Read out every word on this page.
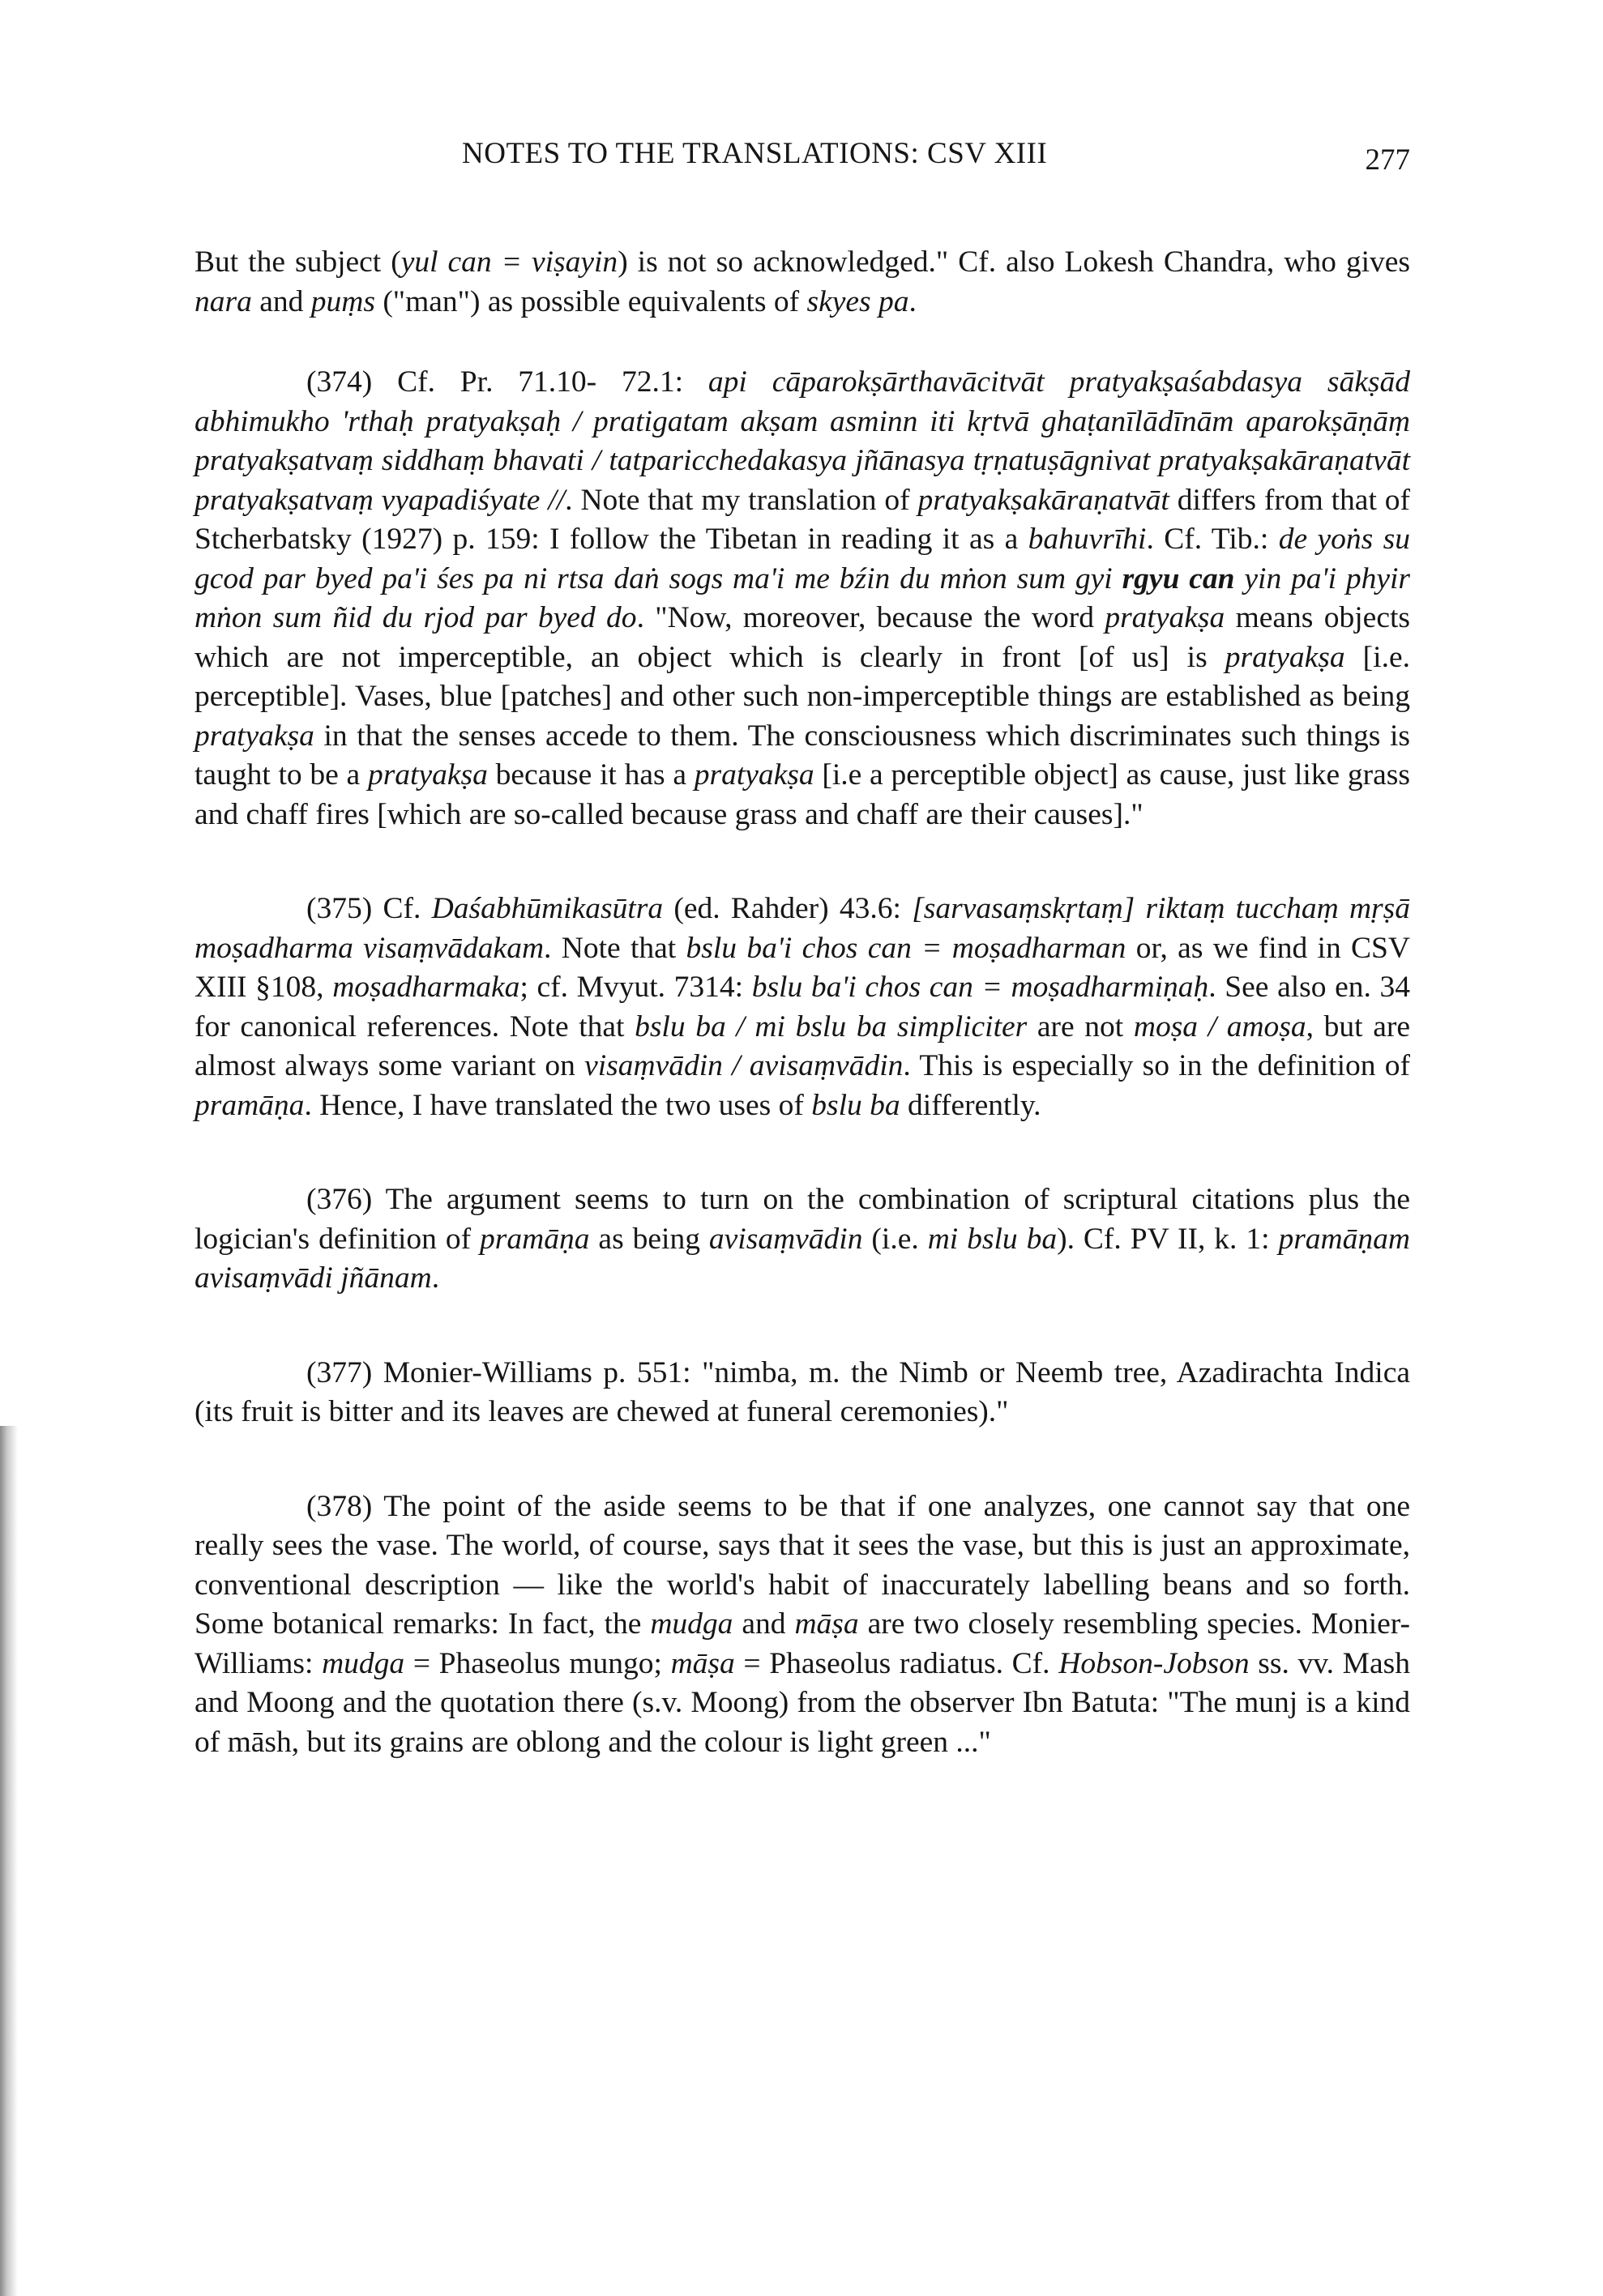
NOTES TO THE TRANSLATIONS: CSV XIII	277

But the subject (yul can = viṣayin) is not so acknowledged." Cf. also Lokesh Chandra, who gives nara and puṃs ("man") as possible equivalents of skyes pa.

(374) Cf. Pr. 71.10- 72.1: api cāparokṣārthavācitvāt pratyakṣaśabdasya sākṣād abhimukho 'rthaḥ pratyakṣaḥ / pratigatam akṣam asminn iti kṛtvā ghaṭanīlādīnām aparokṣāṇāṃ pratyakṣatvaṃ siddhaṃ bhavati / tatparicchedakasya jñānasya tṛṇatuṣāgnivat pratyakṣakāraṇatvāt pratyakṣatvaṃ vyapadiśyate //. Note that my translation of pratyakṣakāraṇatvāt differs from that of Stcherbatsky (1927) p. 159: I follow the Tibetan in reading it as a bahuvrīhi. Cf. Tib.: de yoṅs su gcod par byed pa'i śes pa ni rtsa daṅ sogs ma'i me bźin du mṅon sum gyi rgyu can yin pa'i phyir mṅon sum ñid du rjod par byed do. "Now, moreover, because the word pratyakṣa means objects which are not imperceptible, an object which is clearly in front [of us] is pratyakṣa [i.e. perceptible]. Vases, blue [patches] and other such non-imperceptible things are established as being pratyakṣa in that the senses accede to them. The consciousness which discriminates such things is taught to be a pratyakṣa because it has a pratyakṣa [i.e a perceptible object] as cause, just like grass and chaff fires [which are so-called because grass and chaff are their causes]."

(375) Cf. Daśabhūmikasūtra (ed. Rahder) 43.6: [sarvasaṃskṛtaṃ] riktaṃ tucchaṃ mṛṣā moṣadharma visaṃvādakam. Note that bslu ba'i chos can = moṣadharman or, as we find in CSV XIII §108, moṣadharmaka; cf. Mvyut. 7314: bslu ba'i chos can = moṣadharmiṇaḥ. See also en. 34 for canonical references. Note that bslu ba / mi bslu ba simpliciter are not moṣa / amoṣa, but are almost always some variant on visaṃvādin / avisaṃvādin. This is especially so in the definition of pramāṇa. Hence, I have translated the two uses of bslu ba differently.

(376) The argument seems to turn on the combination of scriptural citations plus the logician's definition of pramāṇa as being avisaṃvādin (i.e. mi bslu ba). Cf. PV II, k. 1: pramāṇam avisaṃvādi jñānam.

(377) Monier-Williams p. 551: "nimba, m. the Nimb or Neemb tree, Azadirachta Indica (its fruit is bitter and its leaves are chewed at funeral ceremonies)."

(378) The point of the aside seems to be that if one analyzes, one cannot say that one really sees the vase. The world, of course, says that it sees the vase, but this is just an approximate, conventional description — like the world's habit of inaccurately labelling beans and so forth. Some botanical remarks: In fact, the mudga and māṣa are two closely resembling species. Monier-Williams: mudga = Phaseolus mungo; māṣa = Phaseolus radiatus. Cf. Hobson-Jobson ss. vv. Mash and Moong and the quotation there (s.v. Moong) from the observer Ibn Batuta: "The munj is a kind of māsh, but its grains are oblong and the colour is light green ..."
